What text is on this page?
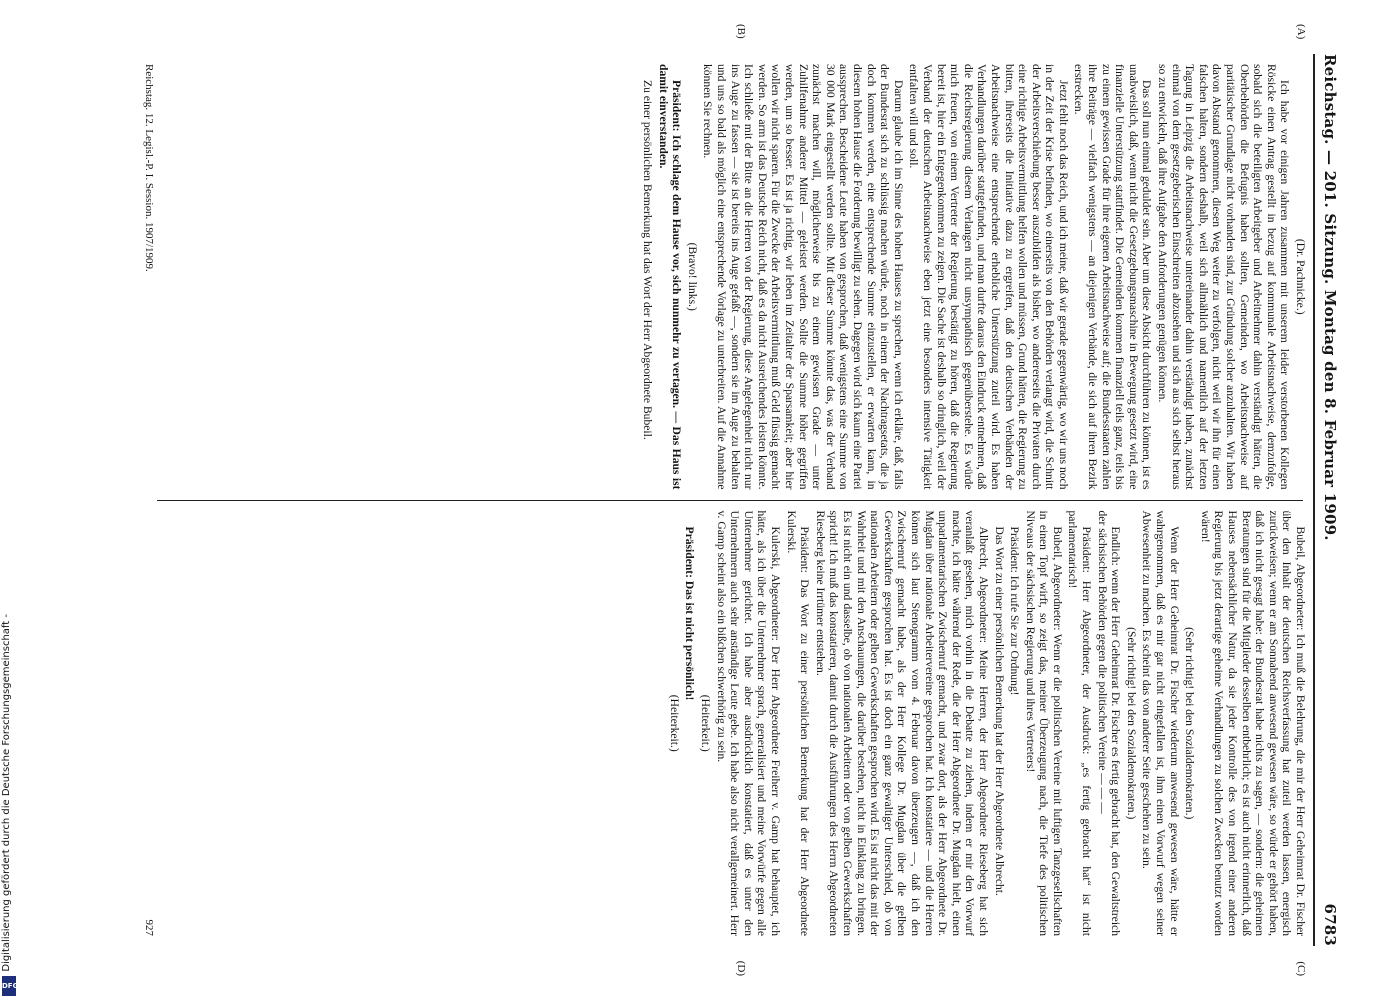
Digitalisierung gefördert durch die Deutsche Forschungsgemeinschaft -
DFG
Reichstag. — 201. Sitzung. Montag den 8. Februar 1909.
6783
(A)
(B)
(C)
(D)

(Dr. Pachnicke.)

Ich habe vor einigen Jahren zusammen mit unserem leider verstorbenen Kollegen Rösicke einen Antrag gestellt in bezug auf kommunale Arbeitsnachweise, demzufolge, sobald sich die beteiligten Arbeitgeber und Arbeitnehmer dahin verständigt hätten, die Oberbehörden die Befugnis haben sollten, Gemeinden, wo Arbeitsnachweise auf paritätischer Grundlage nicht vorhanden sind, zur Gründung solcher anzuhalten. Wir haben davon Abstand genommen, diesen Weg weiter zu verfolgen, nicht weil wir ihn für einen falschen halten, sondern deshalb, weil sich allmählich und namentlich auf der letzten Tagung in Leipzig die Arbeitsnachweise untereinander dahin verständigt haben, zunächst einmal von dem gesetzgeberischen Einschreiten abzusehen und sich aus sich selbst heraus so zu entwickeln, daß ihre Aufgabe den Anforderungen genügen können.

Das soll nun einmal geduldet sein. Aber um diese Absicht durchführen zu können, ist es unabweislich, daß, wenn nicht die Gesetzgebungsmaschine in Bewegung gesetzt wird, eine finanzielle Unterstützung stattfindet. Die Gemeinden kommen finanziell teils ganz, teils bis zu einem gewissen Grade für ihre eigenen Arbeitsnachweise auf; die Bundesstaaten zahlen ihre Beiträge — vielfach wenigstens — an diejenigen Verbände, die sich auf ihren Bezirk erstrecken.

Jetzt fehlt noch das Reich, und ich meine, daß wir gerade gegenwärtig, wo wir uns noch in der Zeit der Krise befinden, wo einerseits von den Behörden verlangt wird, die Schnitt der Arbeitsverschiebung besser auszubilden als bisher, wo andererseits die Privaten durch eine richtige Arbeitsvermittlung helfen wollen und müssen, Grund hätten, die Regierung zu bitten, ihrerseits die Initiative dazu zu ergreifen, daß den deutschen Verbänden der Arbeitsnachweise eine entsprechende erhebliche Unterstützung zuteil wird. Es haben Verhandlungen darüber stattgefunden, und man durfte daraus den Eindruck entnehmen, daß die Reichsregierung diesem Verlangen nicht unsympathisch gegenüberstehe. Es würde mich freuen, von einem Vertreter der Regierung bestätigt zu hören, daß die Regierung bereit ist, hier ein Entgegenkommen zu zeigen. Die Sache ist deshalb so dringlich, weil der Verband der deutschen Arbeitsnachweise eben jetzt eine besonders intensive Tätigkeit entfalten will und soll.

Darum glaube ich im Sinne des hohen Hauses zu sprechen, wenn ich erkläre, daß, falls der Bundesrat sich zu schlüssig machen würde, noch in einem der Nachtragsetats, die ja doch kommen werden, eine entsprechende Summe einzustellen, er erwarten kann, in diesem hohen Hause die Forderung bewilligt zu sehen. Dagegen wird sich kaum eine Partei aussprechen. Bescheidene Leute haben von gesprochen, daß wenigstens eine Summe von 30 000 Mark eingestellt werden sollte. Mit dieser Summe könnte das, was der Verband zunächst machen will, möglicherweise bis zu einem gewissen Grade — unter Zuhilfenahme anderer Mittel — geleistet werden. Sollte die Summe höher gegriffen werden, um so besser. Es ist ja richtig, wir leben im Zeitalter der Sparsamkeit; aber hier wollen wir nicht sparen. Für die Zwecke der Arbeitsvermittlung muß Geld flüssig gemacht werden. So arm ist das Deutsche Reich nicht, daß es da nicht Ausreichendes leisten könnte. Ich schließe mit der Bitte an die Herren von der Regierung, diese Angelegenheit nicht nur ins Auge zu fassen — sie ist bereits ins Auge gefaßt —, sondern sie im Auge zu behalten und uns so bald als möglich eine entsprechende Vorlage zu unterbreiten. Auf die Annahme können Sie rechnen.

(Bravo! links.)

Präsident: Ich schlage dem Hause vor, sich nunmehr zu vertagen. — Das Haus ist damit einverstanden.

Zu einer persönlichen Bemerkung hat das Wort der Herr Abgeordnete Bubeil.

Bubeil, Abgeordneter: Ich muß die Belehrung, die mir der Herr Geheimrat Dr. Fischer über den Inhalt der deutschen Reichsverfassung hat zuteil werden lassen, energisch zurückweisen; wenn er am Sonnabend anwesend gewesen wäre, so würde er gehört haben, daß ich nicht gesagt habe: der Bundesrat habe nichts zu sagen, — sondern: die geheimen Beratungen sind für die Mitglieder desselben entbehrlich; es ist auch nicht erinnerlich, daß Hauses nebensächlicher Natur, da sie jeder Kontrolle des von irgend einer anderen Regierung bis jetzt derartige geheime Verhandlungen zu solchen Zwecken benutzt worden wären!

(Sehr richtig! bei den Sozialdemokraten.)

Wenn der Herr Geheimrat Dr. Fischer wiederum anwesend gewesen wäre, hätte er wahrgenommen, daß es mir gar nicht eingefallen ist, ihm einen Vorwurf wegen seiner Abwesenheit zu machen. Es scheint das von anderer Seite geschehen zu sein.

(Sehr richtig! bei den Sozialdemokraten.)

Endlich: wenn der Herr Geheimrat Dr. Fischer es fertig gebracht hat, den Gewaltstreich der sächsischen Behörden gegen die politischen Vereine — — —

Präsident: Herr Abgeordneter, der Ausdruck: „es fertig gebracht hat“ ist nicht parlamentarisch!

Bubeil, Abgeordneter: Wenn er die politischen Vereine mit luftigen Tanzgesellschaften in einen Topf wirft, so zeigt das, meiner Überzeugung nach, die Tiefe des politischen Niveaus der sächsischen Regierung und ihres Vertreters!

Präsident: Ich rufe Sie zur Ordnung!

Das Wort zu einer persönlichen Bemerkung hat der Herr Abgeordnete Albrecht.

Albrecht, Abgeordneter: Meine Herren, der Herr Abgeordnete Rieseberg hat sich veranlaßt gesehen, mich vorhin in die Debatte zu ziehen, indem er mir den Vorwurf machte, ich hätte während der Rede, die der Herr Abgeordnete Dr. Mugdan hielt, einen unparlamentarischen Zwischenruf gemacht, und zwar dort, als der Herr Abgeordnete Dr. Mugdan über nationale Arbeitervereine gesprochen hat. Ich konstatiere — und die Herren können sich laut Stenogramm vom 4. Februar davon überzeugen —, daß ich den Zwischenruf gemacht habe, als der Herr Kollege Dr. Mugdan über die gelben Gewerkschaften gesprochen hat. Es ist doch ein ganz gewaltiger Unterschied, ob von nationalen Arbeitern oder gelben Gewerkschaften gesprochen wird. Es ist nicht das mit der Wahrheit und mit den Anschauungen, die darüber bestehen, nicht in Einklang zu bringen. Es ist nicht ein und dasselbe, ob von nationalen Arbeitern oder von gelben Gewerkschaften spricht! Ich muß das konstatieren, damit durch die Ausführungen des Herrn Abgeordneten Rieseberg keine Irrtümer entstehen.

Präsident: Das Wort zu einer persönlichen Bemerkung hat der Herr Abgeordnete Kulerski.

Kulerski, Abgeordneter: Der Herr Abgeordnete Freiherr v. Gamp hat behauptet, ich hätte, als ich über die Unternehmer sprach, generalisiert und meine Vorwürfe gegen alle Unternehmer gerichtet. Ich habe aber ausdrücklich konstatiert, daß es unter den Unternehmern auch sehr anständige Leute gebe. Ich habe also nicht verallgemeinert. Herr v. Gamp scheint also ein bißchen schwerhörig zu sein.

(Heiterkeit.)

Präsident: Das ist nicht persönlich!

(Heiterkeit.)

Reichstag. 12. Legisl.-P. I. Session. 1907/1909.
927
